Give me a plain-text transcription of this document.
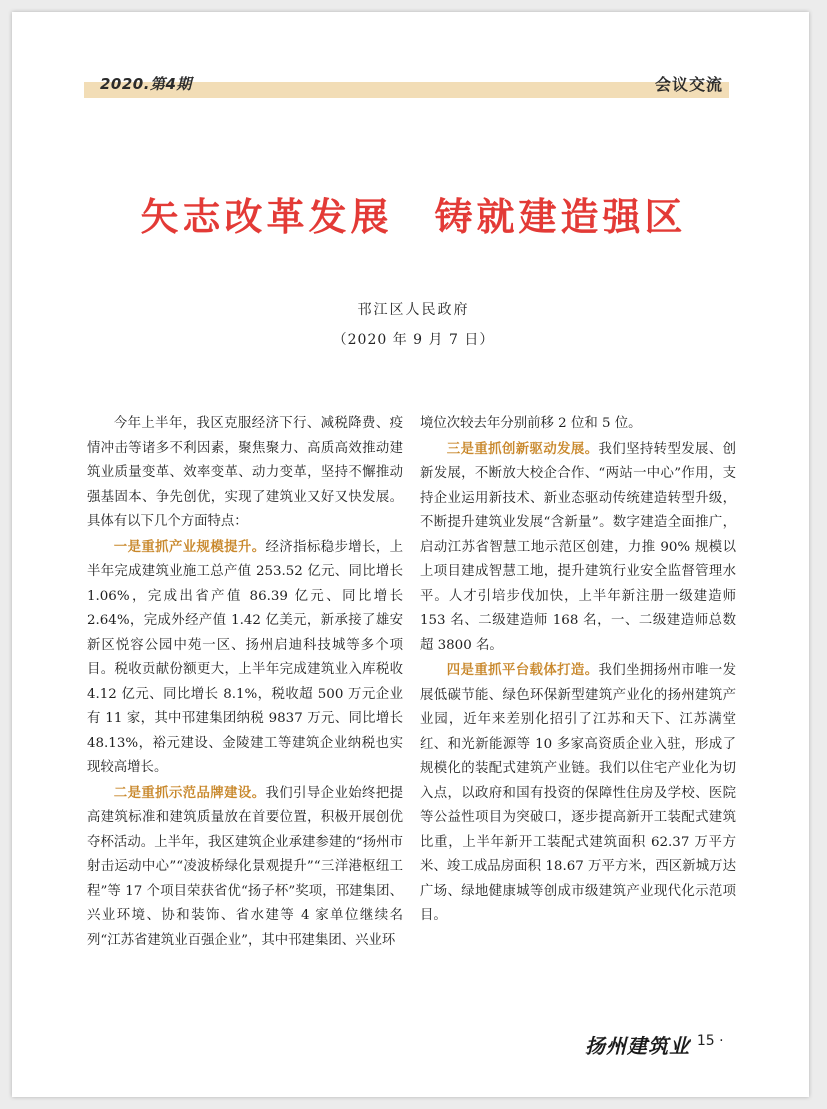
2020.第4期	会议交流
矢志改革发展　铸就建造强区
邗江区人民政府
（2020 年 9 月 7 日）

今年上半年，我区克服经济下行、减税降费、疫情冲击等诸多不利因素，聚焦聚力、高质高效推动建筑业质量变革、效率变革、动力变革，坚持不懈推动强基固本、争先创优，实现了建筑业又好又快发展。具体有以下几个方面特点：

一是重抓产业规模提升。经济指标稳步增长，上半年完成建筑业施工总产值 253.52 亿元、同比增长 1.06%，完成出省产值 86.39 亿元、同比增长 2.64%，完成外经产值 1.42 亿美元，新承接了雄安新区悦容公园中苑一区、扬州启迪科技城等多个项目。税收贡献份额更大，上半年完成建筑业入库税收 4.12 亿元、同比增长 8.1%，税收超 500 万元企业有 11 家，其中邗建集团纳税 9837 万元、同比增长 48.13%，裕元建设、金陵建工等建筑企业纳税也实现较高增长。

二是重抓示范品牌建设。我们引导企业始终把提高建筑标准和建筑质量放在首要位置，积极开展创优夺杯活动。上半年，我区建筑企业承建参建的“扬州市射击运动中心”“凌波桥绿化景观提升”“三洋港枢纽工程”等 17 个项目荣获省优“扬子杯”奖项，邗建集团、兴业环境、协和装饰、省水建等 4 家单位继续名列“江苏省建筑业百强企业”，其中邗建集团、兴业环

境位次较去年分别前移 2 位和 5 位。

三是重抓创新驱动发展。我们坚持转型发展、创新发展，不断放大校企合作、“两站一中心”作用，支持企业运用新技术、新业态驱动传统建造转型升级，不断提升建筑业发展“含新量”。数字建造全面推广，启动江苏省智慧工地示范区创建，力推 90% 规模以上项目建成智慧工地，提升建筑行业安全监督管理水平。人才引培步伐加快，上半年新注册一级建造师 153 名、二级建造师 168 名，一、二级建造师总数超 3800 名。

四是重抓平台载体打造。我们坐拥扬州市唯一发展低碳节能、绿色环保新型建筑产业化的扬州建筑产业园，近年来差别化招引了江苏和天下、江苏满堂红、和光新能源等 10 多家高资质企业入驻，形成了规模化的装配式建筑产业链。我们以住宅产业化为切入点，以政府和国有投资的保障性住房及学校、医院等公益性项目为突破口，逐步提高新开工装配式建筑比重，上半年新开工装配式建筑面积 62.37 万平方米、竣工成品房面积 18.67 万平方米，西区新城万达广场、绿地健康城等创成市级建筑产业现代化示范项目。

扬州建筑业
· 15 ·
